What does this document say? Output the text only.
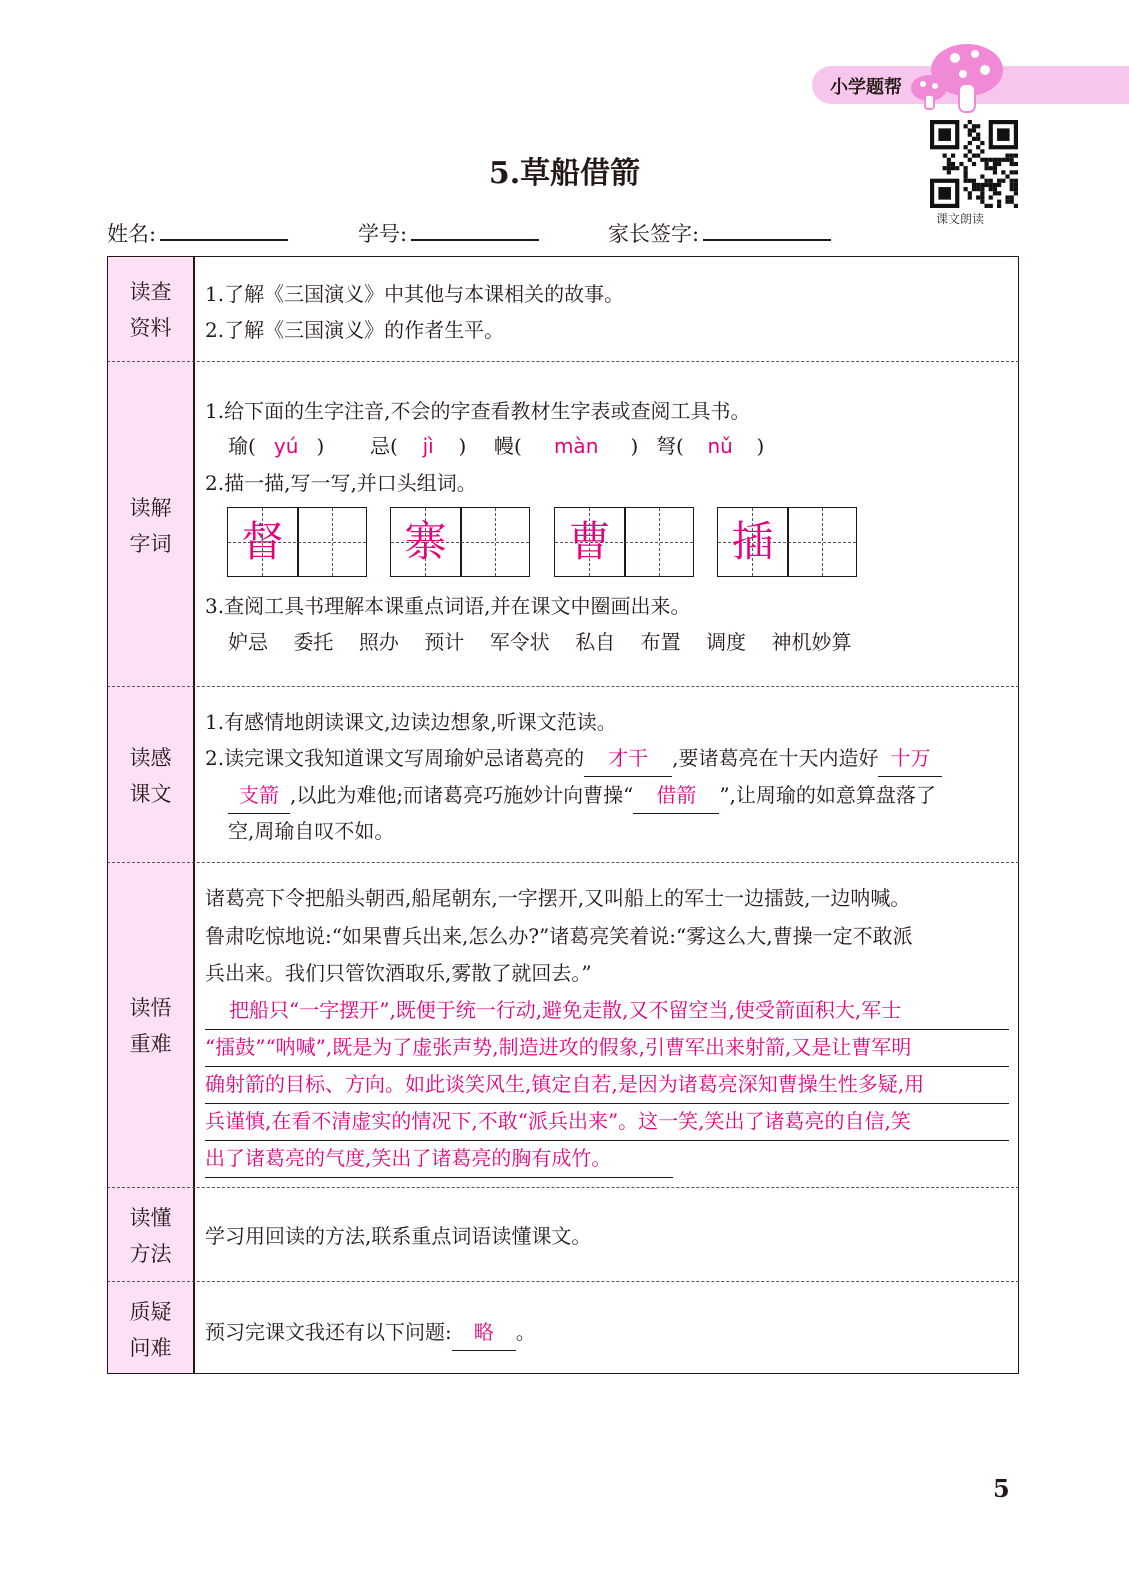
小学题帮
课文朗读
5.草船借箭
姓名:	学号:	家长签字:
读查
资料
1.了解《三国演义》中其他与本课相关的故事。
2.了解《三国演义》的作者生平。
读解
字词
1.给下面的生字注音,不会的字查看教材生字表或查阅工具书。
瑜( yú ) 忌( jì ) 幔( màn ) 弩( nǔ )
2.描一描,写一写,并口头组词。
督	寨	曹	插
3.查阅工具书理解本课重点词语,并在课文中圈画出来。
妒忌 委托 照办 预计 军令状 私自 布置 调度 神机妙算
读感
课文
1.有感情地朗读课文,边读边想象,听课文范读。
2.读完课文我知道课文写周瑜妒忌诸葛亮的 才干 ,要诸葛亮在十天内造好 十万
支箭 ,以此为难他;而诸葛亮巧施妙计向曹操“ 借箭 ”,让周瑜的如意算盘落了
空,周瑜自叹不如。
读悟
重难
诸葛亮下令把船头朝西,船尾朝东,一字摆开,又叫船上的军士一边擂鼓,一边呐喊。
鲁肃吃惊地说:“如果曹兵出来,怎么办?”诸葛亮笑着说:“雾这么大,曹操一定不敢派
兵出来。我们只管饮酒取乐,雾散了就回去。”
把船只“一字摆开”,既便于统一行动,避免走散,又不留空当,使受箭面积大,军士
“擂鼓”“呐喊”,既是为了虚张声势,制造进攻的假象,引曹军出来射箭,又是让曹军明
确射箭的目标、方向。如此谈笑风生,镇定自若,是因为诸葛亮深知曹操生性多疑,用
兵谨慎,在看不清虚实的情况下,不敢“派兵出来”。这一笑,笑出了诸葛亮的自信,笑
出了诸葛亮的气度,笑出了诸葛亮的胸有成竹。
读懂
方法
学习用回读的方法,联系重点词语读懂课文。
质疑
问难
预习完课文我还有以下问题: 略 。
5
